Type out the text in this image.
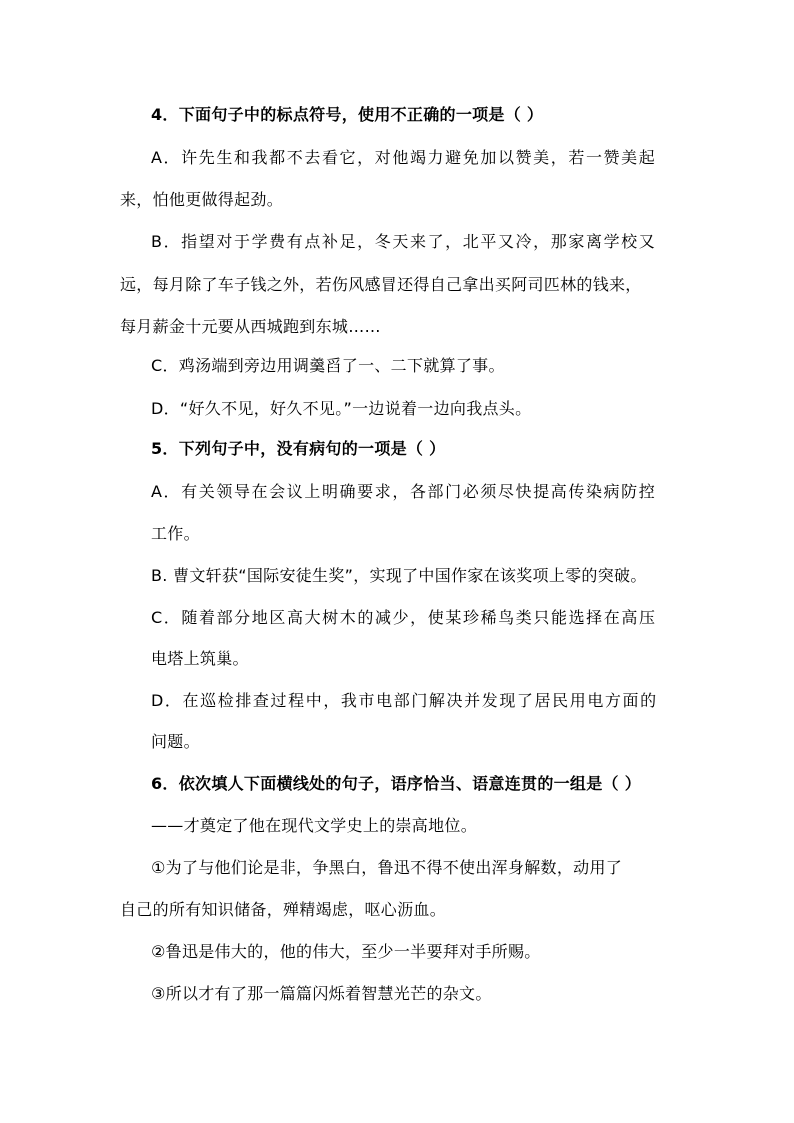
4．下面句子中的标点符号，使用不正确的一项是（ ）
A．许先生和我都不去看它，对他竭力避免加以赞美，若一赞美起
来，怕他更做得起劲。
B．指望对于学费有点补足，冬天来了，北平又冷，那家离学校又
远，每月除了车子钱之外，若伤风感冒还得自己拿出买阿司匹林的钱来，
每月薪金十元要从西城跑到东城……
C．鸡汤端到旁边用调羹舀了一、二下就算了事。
D．“好久不见，好久不见。”一边说着一边向我点头。
5．下列句子中，没有病句的一项是（ ）
A．有关领导在会议上明确要求，各部门必须尽快提高传染病防控
工作。
B. 曹文轩获“国际安徒生奖”，实现了中国作家在该奖项上零的突破。
C．随着部分地区高大树木的减少，使某珍稀鸟类只能选择在高压
电塔上筑巢。
D．在巡检排查过程中，我市电部门解决并发现了居民用电方面的
问题。
6．依次填人下面横线处的句子，语序恰当、语意连贯的一组是（ ）
——才奠定了他在现代文学史上的崇高地位。
①为了与他们论是非，争黑白，鲁迅不得不使出浑身解数，动用了
自己的所有知识储备，殚精竭虑，呕心沥血。
②鲁迅是伟大的，他的伟大，至少一半要拜对手所赐。
③所以才有了那一篇篇闪烁着智慧光芒的杂文。
